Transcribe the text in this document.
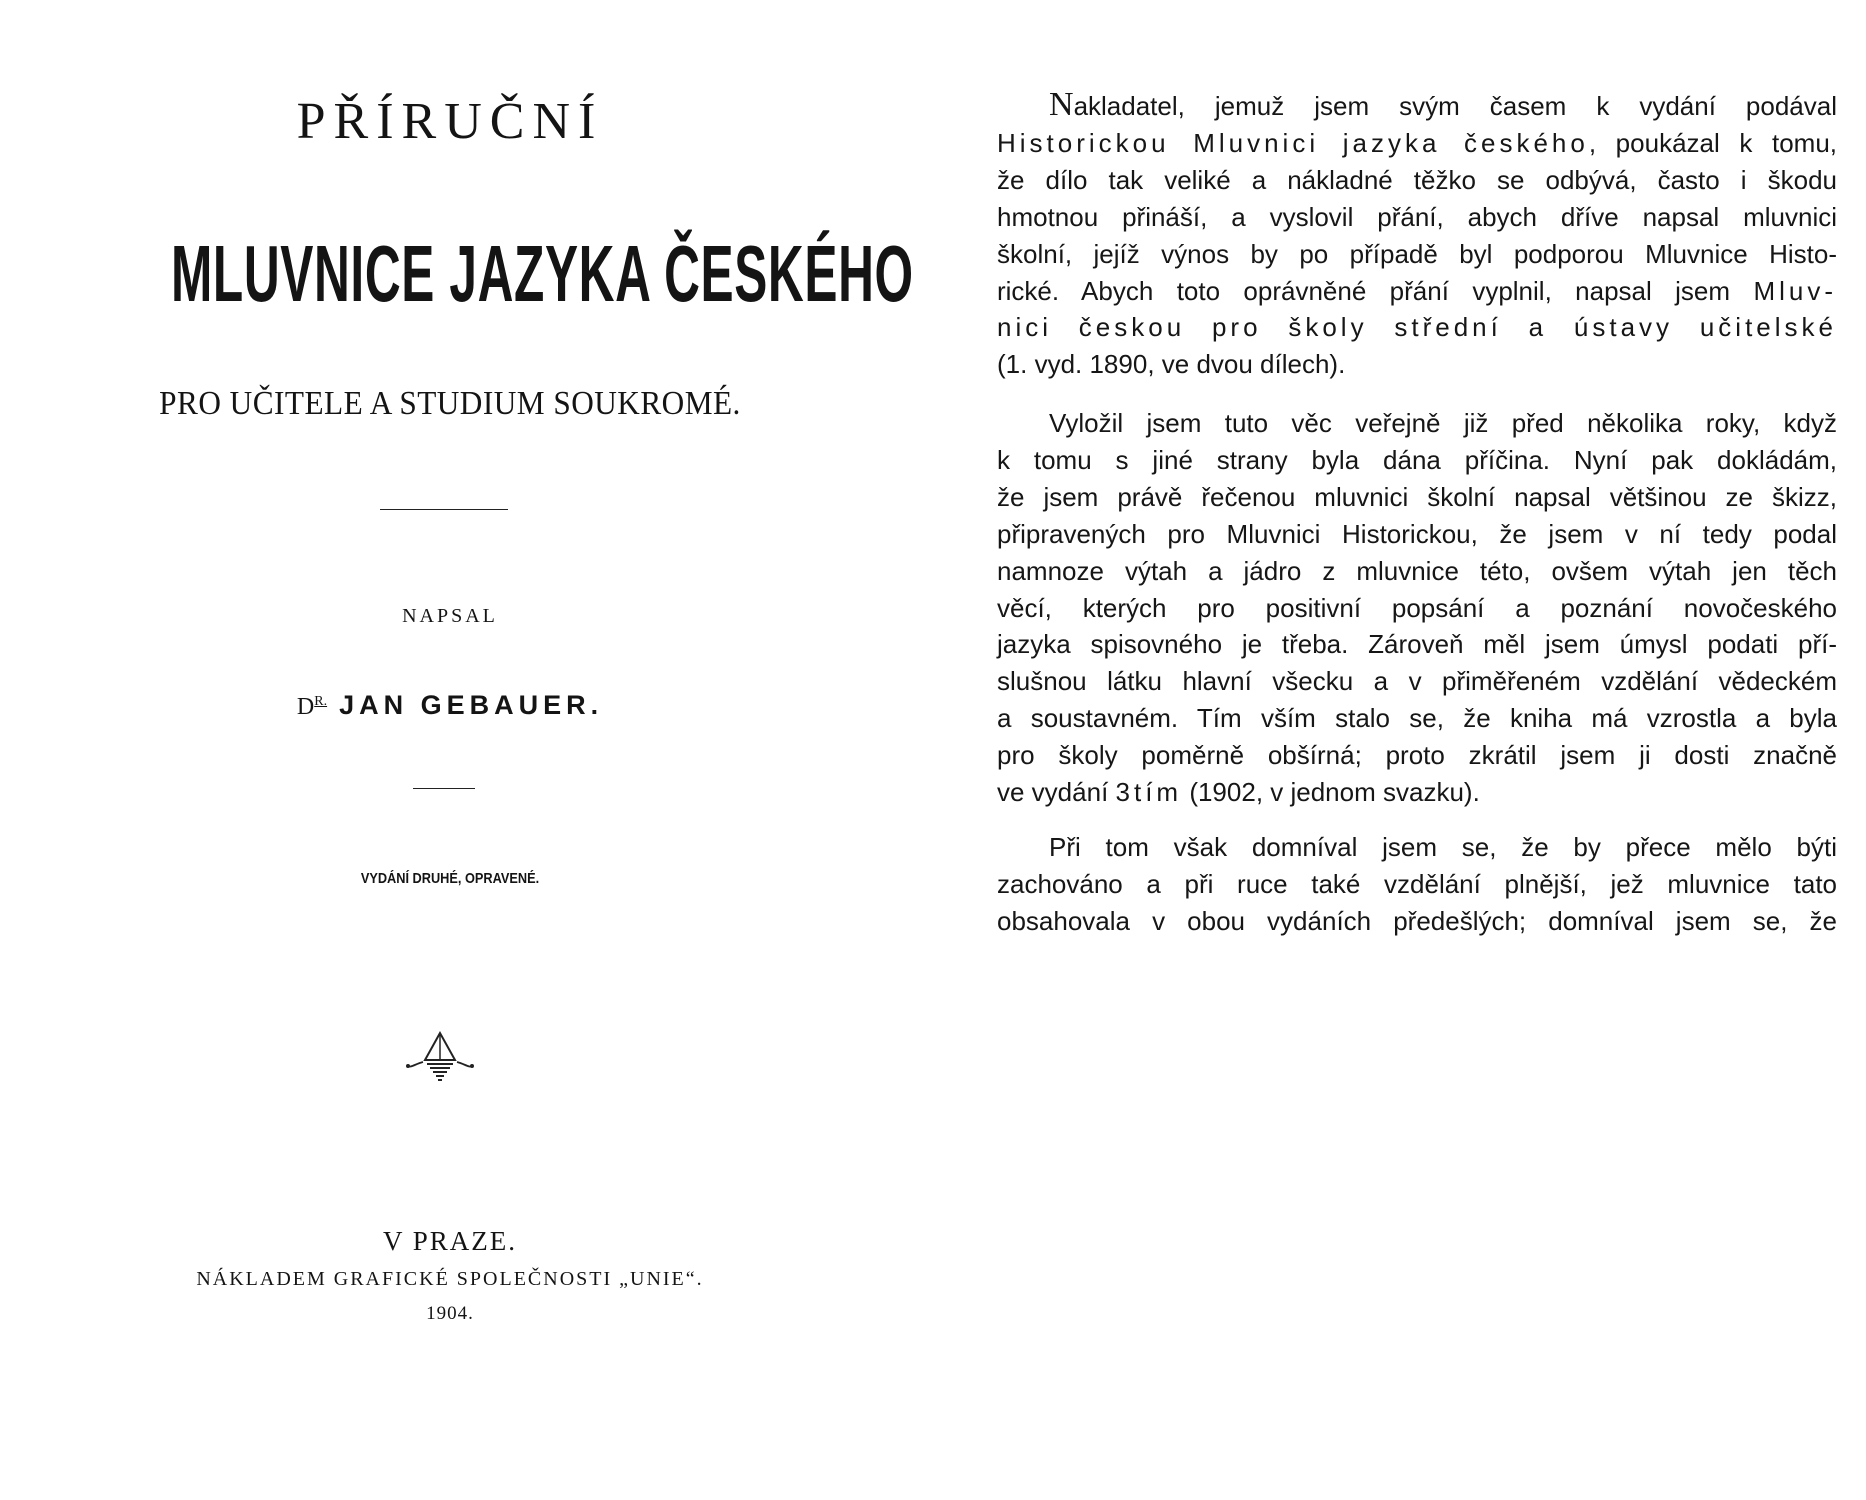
PŘÍRUČNÍ
MLUVNICE JAZYKA ČESKÉHO
PRO UČITELE A STUDIUM SOUKROMÉ.
NAPSAL
$D^{R.}$ JAN GEBAUER.
VYDÁNÍ DRUHÉ, OPRAVENÉ.
V PRAZE.
NÁKLADEM GRAFICKÉ SPOLEČNOSTI „UNIE“.
1904.
Nakladatel, jemuž jsem svým časem k vydání podával
Historickou Mluvnici jazyka českého, poukázal k tomu,
že dílo tak veliké a nákladné těžko se odbývá, často i škodu
hmotnou přináší, a vyslovil přání, abych dříve napsal mluvnici
školní, jejíž výnos by po případě byl podporou Mluvnice Histo-
rické. Abych toto oprávněné přání vyplnil, napsal jsem Mluv-
nici českou pro školy střední a ústavy učitelské
(1. vyd. 1890, ve dvou dílech).
Vyložil jsem tuto věc veřejně již před několika roky, když
k tomu s jiné strany byla dána příčina. Nyní pak dokládám,
že jsem právě řečenou mluvnici školní napsal většinou ze škizz,
připravených pro Mluvnici Historickou, že jsem v ní tedy podal
namnoze výtah a jádro z mluvnice této, ovšem výtah jen těch
věcí, kterých pro positivní popsání a poznání novočeského
jazyka spisovného je třeba. Zároveň měl jsem úmysl podati pří-
slušnou látku hlavní všecku a v přiměřeném vzdělání vědeckém
a soustavném. Tím vším stalo se, že kniha má vzrostla a byla
pro školy poměrně obšírná; proto zkrátil jsem ji dosti značně
ve vydání 3tím (1902, v jednom svazku).
Při tom však domníval jsem se, že by přece mělo býti
zachováno a při ruce také vzdělání plnější, jež mluvnice tato
obsahovala v obou vydáních předešlých; domníval jsem se, že
